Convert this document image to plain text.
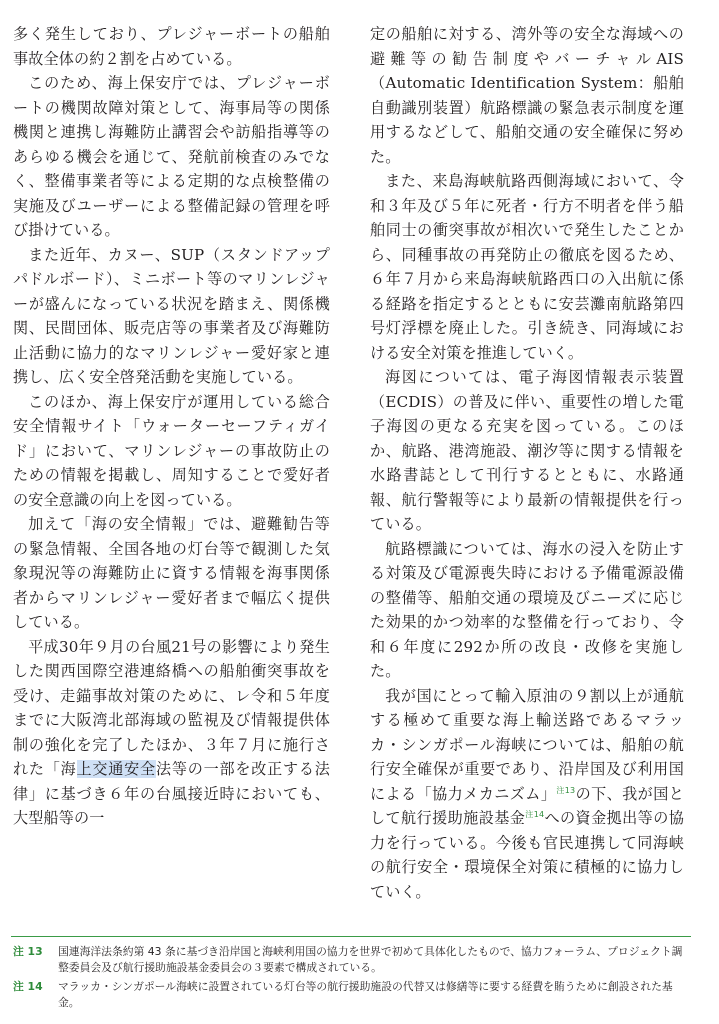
多く発生しており、プレジャーボートの船舶事故全体の約２割を占めている。

このため、海上保安庁では、プレジャーボートの機関故障対策として、海事局等の関係機関と連携し海難防止講習会や訪船指導等のあらゆる機会を通じて、発航前検査のみでなく、整備事業者等による定期的な点検整備の実施及びユーザーによる整備記録の管理を呼び掛けている。

また近年、カヌー、SUP（スタンドアップパドルボード）、ミニボート等のマリンレジャーが盛んになっている状況を踏まえ、関係機関、民間団体、販売店等の事業者及び海難防止活動に協力的なマリンレジャー愛好家と連携し、広く安全啓発活動を実施している。

このほか、海上保安庁が運用している総合安全情報サイト「ウォーターセーフティガイド」において、マリンレジャーの事故防止のための情報を掲載し、周知することで愛好者の安全意識の向上を図っている。

加えて「海の安全情報」では、避難勧告等の緊急情報、全国各地の灯台等で観測した気象現況等の海難防止に資する情報を海事関係者からマリンレジャー愛好者まで幅広く提供している。

平成30年９月の台風21号の影響により発生した関西国際空港連絡橋への船舶衝突事故を受け、走錨事故対策のために、レ令和５年度までに大阪湾北部海域の監視及び情報提供体制の強化を完了したほか、３年７月に施行された「海上交通安全法等の一部を改正する法律」に基づき６年の台風接近時においても、大型船等の一

定の船舶に対する、湾外等の安全な海域への避難等の勧告制度やバーチャルAIS（Automatic Identification System：船舶自動識別装置）航路標識の緊急表示制度を運用するなどして、船舶交通の安全確保に努めた。

また、来島海峡航路西側海域において、令和３年及び５年に死者・行方不明者を伴う船舶同士の衝突事故が相次いで発生したことから、同種事故の再発防止の徹底を図るため、６年７月から来島海峡航路西口の入出航に係る経路を指定するとともに安芸灘南航路第四号灯浮標を廃止した。引き続き、同海域における安全対策を推進していく。

海図については、電子海図情報表示装置（ECDIS）の普及に伴い、重要性の増した電子海図の更なる充実を図っている。このほか、航路、港湾施設、潮汐等に関する情報を水路書誌として刊行するとともに、水路通報、航行警報等により最新の情報提供を行っている。

航路標識については、海水の浸入を防止する対策及び電源喪失時における予備電源設備の整備等、船舶交通の環境及びニーズに応じた効果的かつ効率的な整備を行っており、令和６年度に292か所の改良・改修を実施した。

我が国にとって輸入原油の９割以上が通航する極めて重要な海上輸送路であるマラッカ・シンガポール海峡については、船舶の航行安全確保が重要であり、沿岸国及び利用国による「協力メカニズム」$^{注13}$の下、我が国として航行援助施設基金$^{注14}$への資金拠出等の協力を行っている。今後も官民連携して同海峡の航行安全・環境保全対策に積極的に協力していく。

注 13 国連海洋法条約第 43 条に基づき沿岸国と海峡利用国の協力を世界で初めて具体化したもので、協力フォーラム、プロジェクト調整委員会及び航行援助施設基金委員会の３要素で構成されている。
注 14 マラッカ・シンガポール海峡に設置されている灯台等の航行援助施設の代替又は修繕等に要する経費を賄うために創設された基金。
